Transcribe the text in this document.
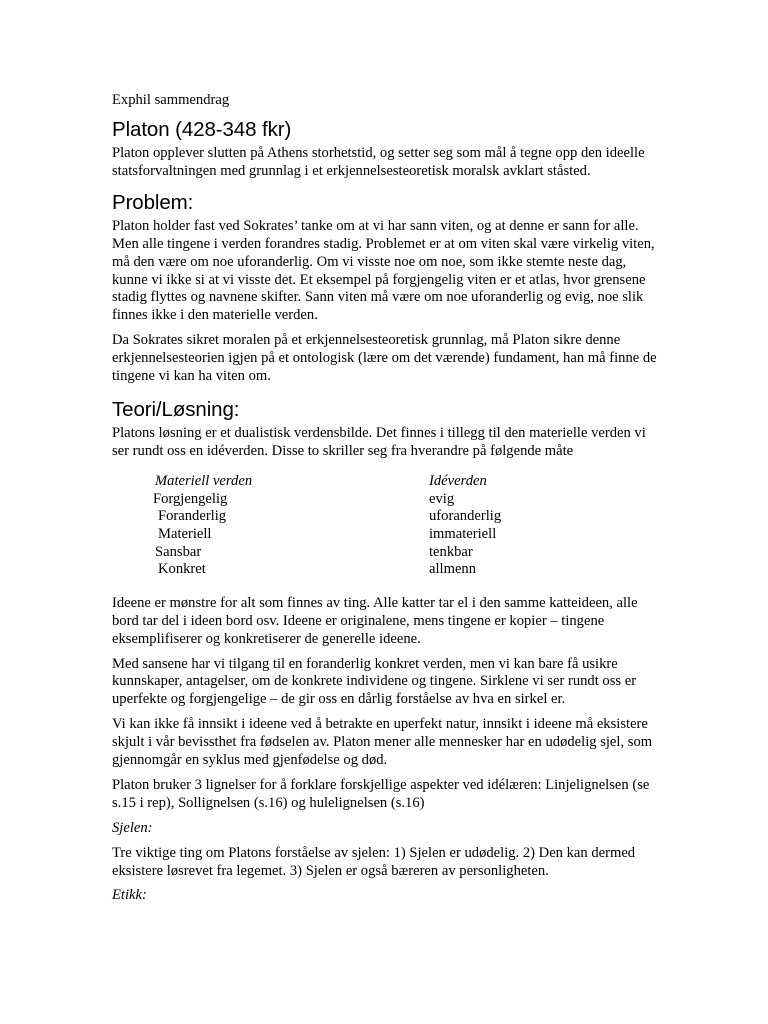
Exphil sammendrag

Platon (428-348 fkr)

Platon opplever slutten på Athens storhetstid, og setter seg som mål å tegne opp den ideelle statsforvaltningen med grunnlag i et erkjennelsesteoretisk moralsk avklart ståsted.

Problem:

Platon holder fast ved Sokrates’ tanke om at vi har sann viten, og at denne er sann for alle. Men alle tingene i verden forandres stadig. Problemet er at om viten skal være virkelig viten, må den være om noe uforanderlig. Om vi visste noe om noe, som ikke stemte neste dag, kunne vi ikke si at vi visste det. Et eksempel på forgjengelig viten er et atlas, hvor grensene stadig flyttes og navnene skifter. Sann viten må være om noe uforanderlig og evig, noe slik finnes ikke i den materielle verden.

Da Sokrates sikret moralen på et erkjennelsesteoretisk grunnlag, må Platon sikre denne erkjennelsesteorien igjen på et ontologisk (lære om det værende) fundament, han må finne de tingene vi kan ha viten om.

Teori/Løsning:

Platons løsning er et dualistisk verdensbilde. Det finnes i tillegg til den materielle verden vi ser rundt oss en idéverden. Disse to skriller seg fra hverandre på følgende måte

Materiell verden
Forgjengelig
Foranderlig
Materiell
Sansbar
Konkret
Idéverden
evig
uforanderlig
immateriell
tenkbar
allmenn

Ideene er mønstre for alt som finnes av ting. Alle katter tar el i den samme katteideen, alle bord tar del i ideen bord osv. Ideene er originalene, mens tingene er kopier – tingene eksemplifiserer og konkretiserer de generelle ideene.

Med sansene har vi tilgang til en foranderlig konkret verden, men vi kan bare få usikre kunnskaper, antagelser, om de konkrete individene og tingene. Sirklene vi ser rundt oss er uperfekte og forgjengelige – de gir oss en dårlig forståelse av hva en sirkel er.

Vi kan ikke få innsikt i ideene ved å betrakte en uperfekt natur, innsikt i ideene må eksistere skjult i vår bevissthet fra fødselen av. Platon mener alle mennesker har en udødelig sjel, som gjennomgår en syklus med gjenfødelse og død.

Platon bruker 3 lignelser for å forklare forskjellige aspekter ved idélæren: Linjelignelsen (se s.15 i rep), Sollignelsen (s.16) og hulelignelsen (s.16)

Sjelen:

Tre viktige ting om Platons forståelse av sjelen: 1) Sjelen er udødelig. 2) Den kan dermed eksistere løsrevet fra legemet. 3) Sjelen er også bæreren av personligheten.

Etikk:
